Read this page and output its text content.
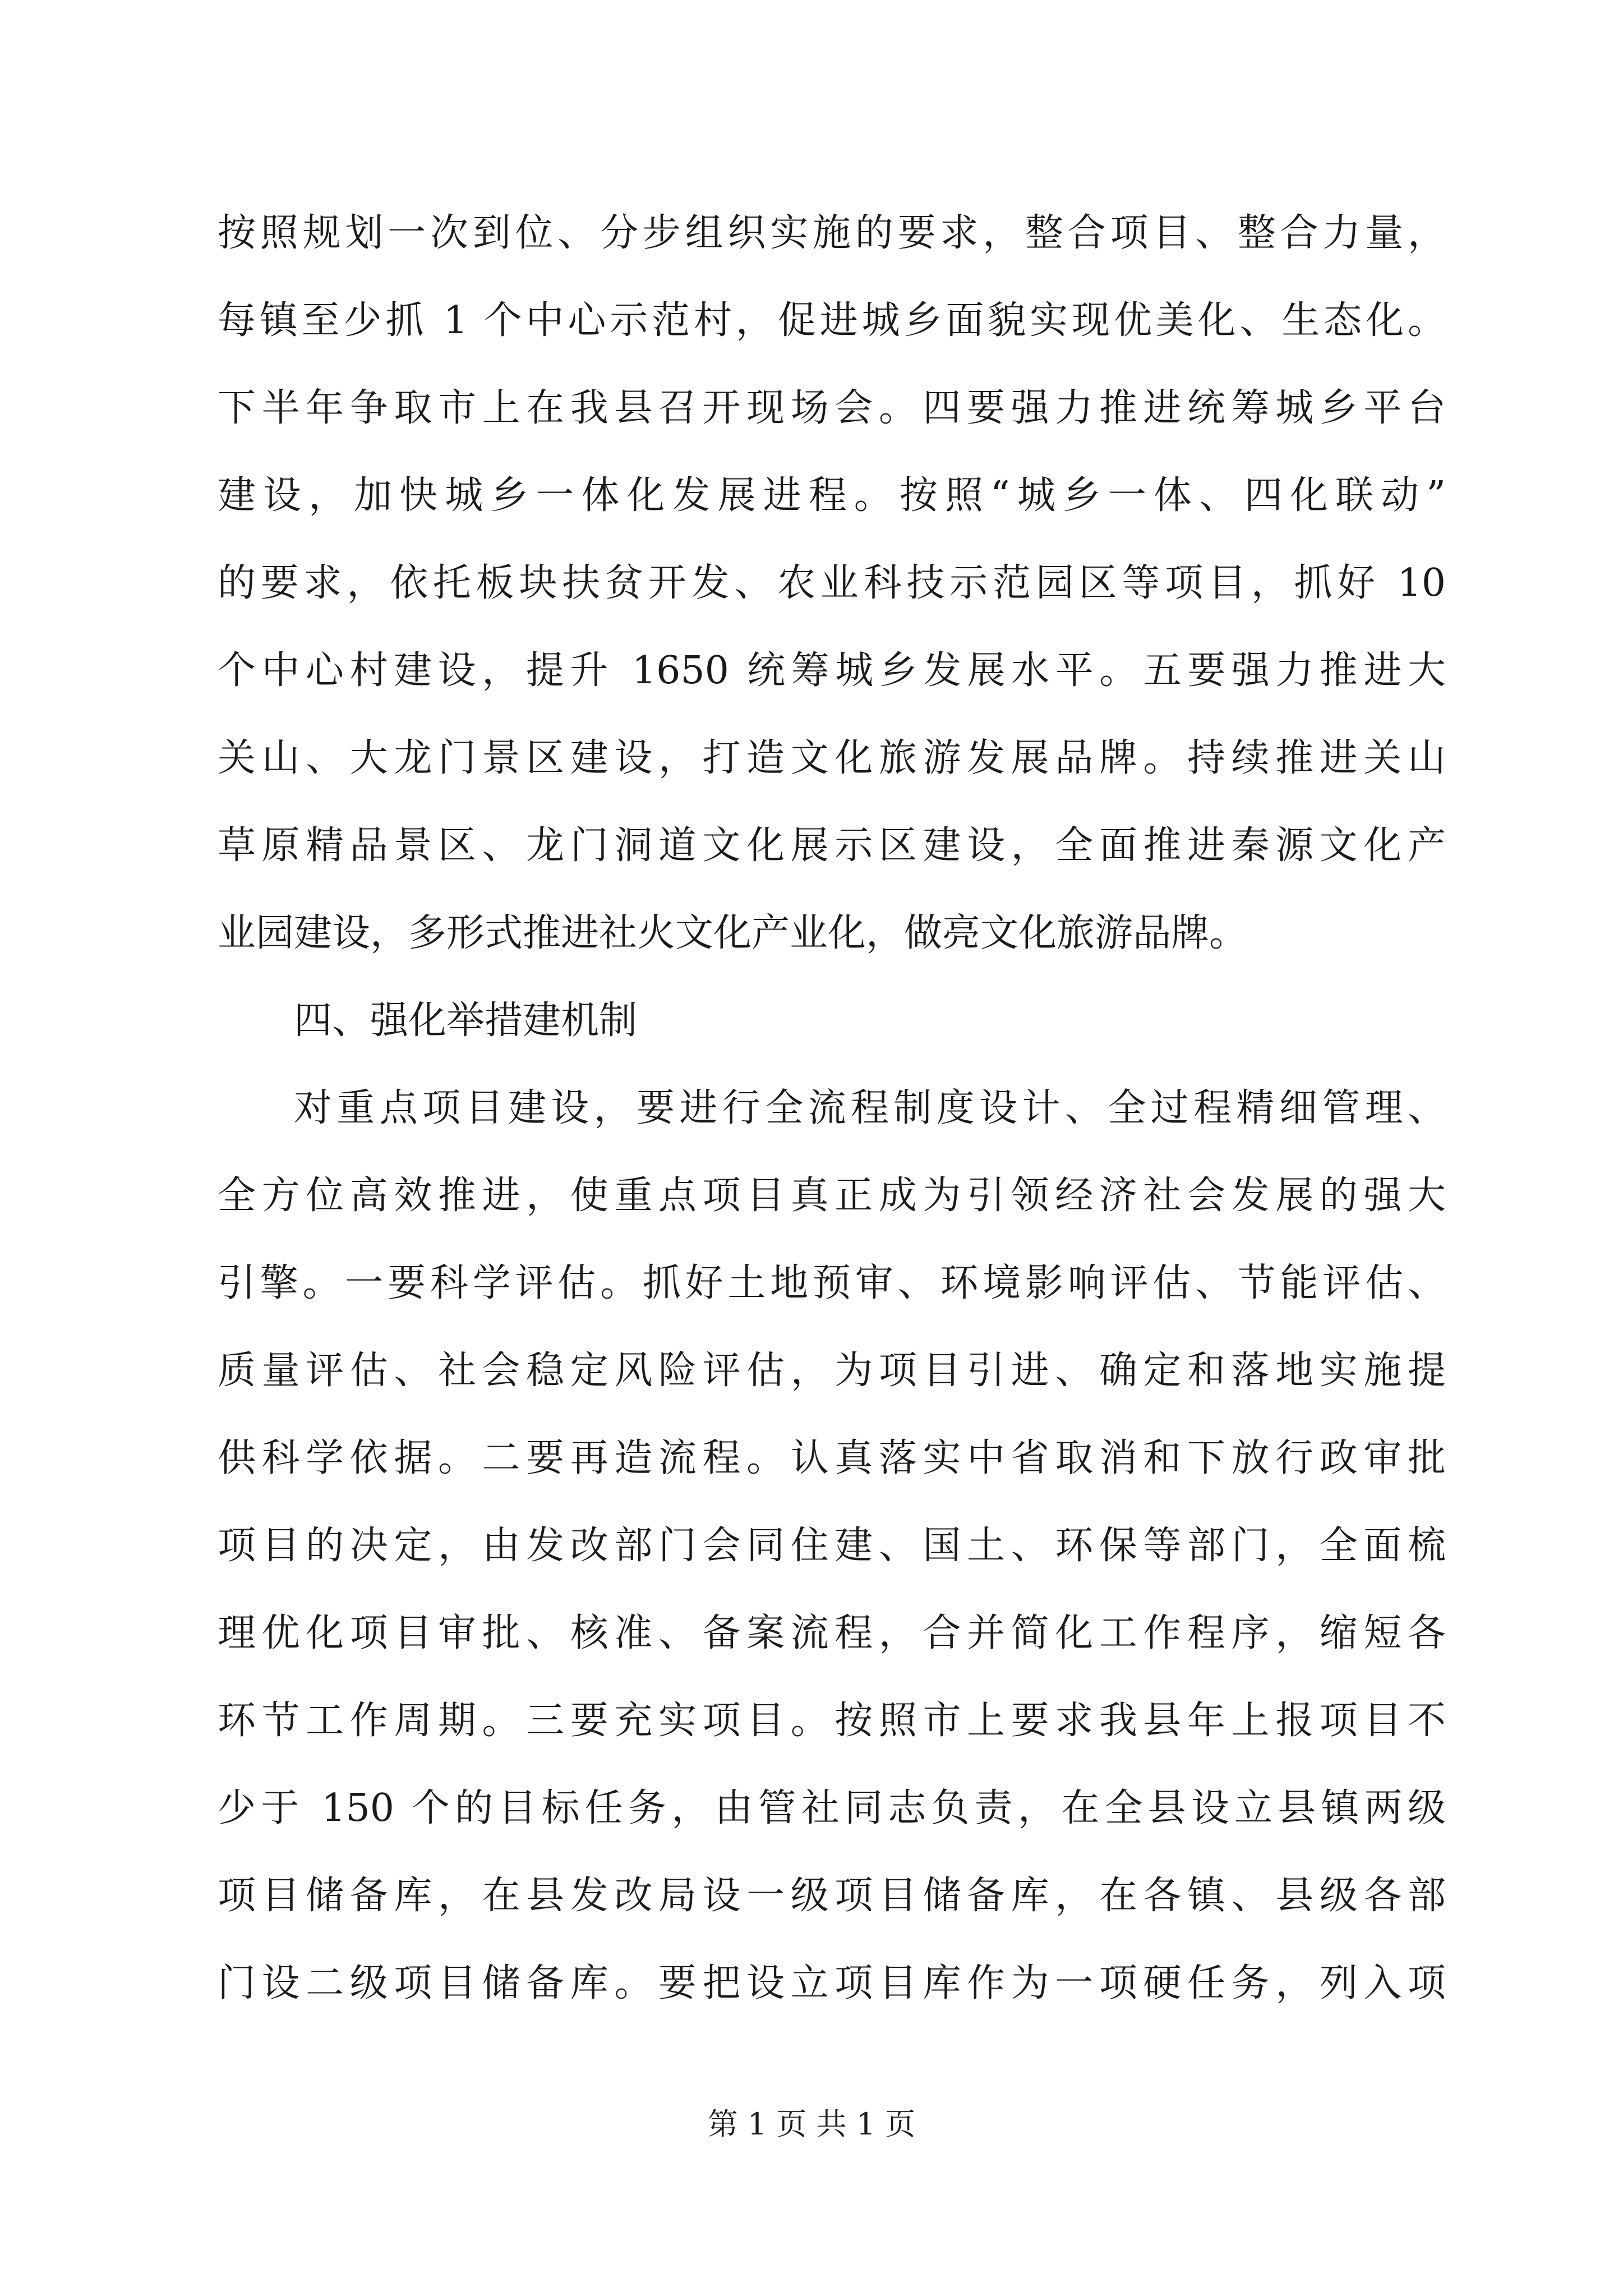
按照规划一次到位、分步组织实施的要求，整合项目、整合力量，
每镇至少抓 1 个中心示范村，促进城乡面貌实现优美化、生态化。
下半年争取市上在我县召开现场会。四要强力推进统筹城乡平台
建设，加快城乡一体化发展进程。按照“城乡一体、四化联动”
的要求，依托板块扶贫开发、农业科技示范园区等项目，抓好 10
个中心村建设，提升 1650 统筹城乡发展水平。五要强力推进大
关山、大龙门景区建设，打造文化旅游发展品牌。持续推进关山
草原精品景区、龙门洞道文化展示区建设，全面推进秦源文化产
业园建设，多形式推进社火文化产业化，做亮文化旅游品牌。
四、强化举措建机制
对重点项目建设，要进行全流程制度设计、全过程精细管理、
全方位高效推进，使重点项目真正成为引领经济社会发展的强大
引擎。一要科学评估。抓好土地预审、环境影响评估、节能评估、
质量评估、社会稳定风险评估，为项目引进、确定和落地实施提
供科学依据。二要再造流程。认真落实中省取消和下放行政审批
项目的决定，由发改部门会同住建、国土、环保等部门，全面梳
理优化项目审批、核准、备案流程，合并简化工作程序，缩短各
环节工作周期。三要充实项目。按照市上要求我县年上报项目不
少于 150 个的目标任务，由管社同志负责，在全县设立县镇两级
项目储备库，在县发改局设一级项目储备库，在各镇、县级各部
门设二级项目储备库。要把设立项目库作为一项硬任务，列入项
第 1 页 共 1 页
